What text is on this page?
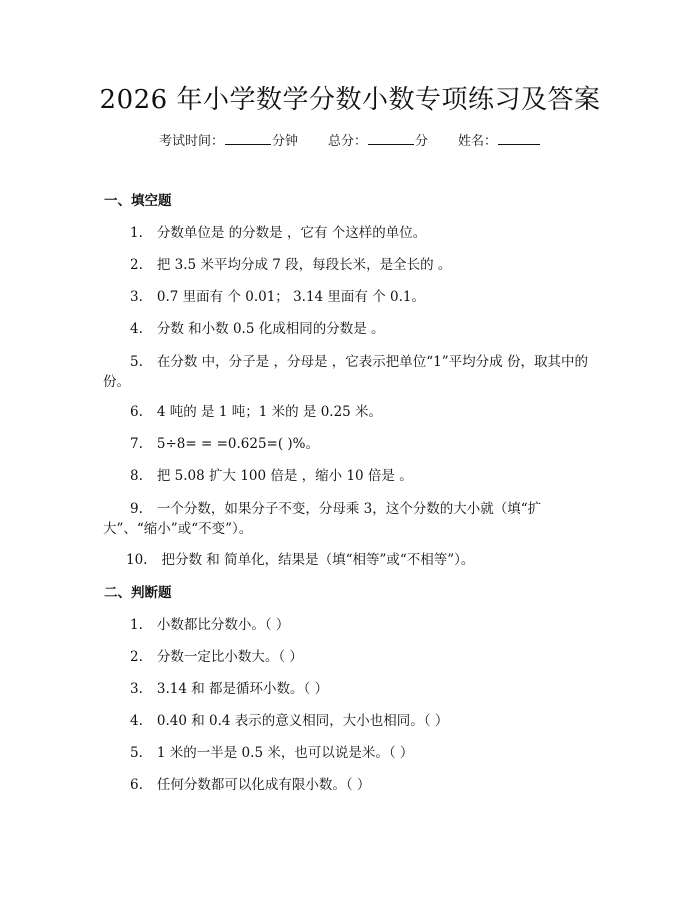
2026 年小学数学分数小数专项练习及答案
考试时间：	分钟 总分：	分 姓名：
一、填空题
1. 分数单位是 的分数是 ，它有 个这样的单位。
2. 把 3.5 米平均分成 7 段，每段长米，是全长的 。
3. 0.7 里面有 个 0.01； 3.14 里面有 个 0.1。
4. 分数 和小数 0.5 化成相同的分数是 。
5. 在分数 中，分子是 ，分母是 ，它表示把单位“1”平均分成 份，取其中的 份。
6. 4 吨的 是 1 吨；1 米的 是 0.25 米。
7. 5÷8= = =0.625=( )%。
8. 把 5.08 扩大 100 倍是 ，缩小 10 倍是 。
9. 一个分数，如果分子不变，分母乘 3，这个分数的大小就（填“扩大”、“缩小”或“不变”）。
10. 把分数 和 简单化，结果是（填“相等”或“不相等”）。
二、判断题
1. 小数都比分数小。（ ）
2. 分数一定比小数大。（ ）
3. 3.14 和 都是循环小数。（ ）
4. 0.40 和 0.4 表示的意义相同，大小也相同。（ ）
5. 1 米的一半是 0.5 米，也可以说是米。（ ）
6. 任何分数都可以化成有限小数。（ ）
